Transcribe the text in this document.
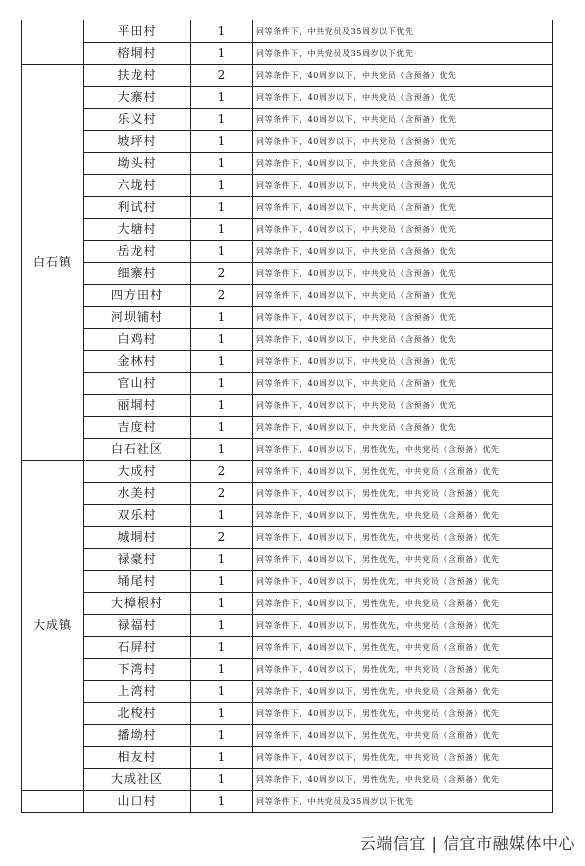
	平田村	1	同等条件下，中共党员及35周岁以下优先
	榕垌村	1	同等条件下，中共党员及35周岁以下优先
白石镇	扶龙村	2	同等条件下，40周岁以下，中共党员（含预备）优先
	大寨村	1	同等条件下，40周岁以下，中共党员（含预备）优先
	乐义村	1	同等条件下，40周岁以下，中共党员（含预备）优先
	坡坪村	1	同等条件下，40周岁以下，中共党员（含预备）优先
	坳头村	1	同等条件下，40周岁以下，中共党员（含预备）优先
	六垅村	1	同等条件下，40周岁以下，中共党员（含预备）优先
	利试村	1	同等条件下，40周岁以下，中共党员（含预备）优先
	大塘村	1	同等条件下，40周岁以下，中共党员（含预备）优先
	岳龙村	1	同等条件下，40周岁以下，中共党员（含预备）优先
	细寨村	2	同等条件下，40周岁以下，中共党员（含预备）优先
	四方田村	2	同等条件下，40周岁以下，中共党员（含预备）优先
	河坝铺村	1	同等条件下，40周岁以下，中共党员（含预备）优先
	白鸡村	1	同等条件下，40周岁以下，中共党员（含预备）优先
	金林村	1	同等条件下，40周岁以下，中共党员（含预备）优先
	官山村	1	同等条件下，40周岁以下，中共党员（含预备）优先
	丽垌村	1	同等条件下，40周岁以下，中共党员（含预备）优先
	吉度村	1	同等条件下，40周岁以下，中共党员（含预备）优先
	白石社区	1	同等条件下，40周岁以下，男性优先，中共党员（含预备）优先
大成镇	大成村	2	同等条件下，40周岁以下，男性优先，中共党员（含预备）优先
	水美村	2	同等条件下，40周岁以下，男性优先，中共党员（含预备）优先
	双乐村	1	同等条件下，40周岁以下，男性优先，中共党员（含预备）优先
	城垌村	2	同等条件下，40周岁以下，男性优先，中共党员（含预备）优先
	禄豪村	1	同等条件下，40周岁以下，男性优先，中共党员（含预备）优先
	埇尾村	1	同等条件下，40周岁以下，男性优先，中共党员（含预备）优先
	大樟根村	1	同等条件下，40周岁以下，男性优先，中共党员（含预备）优先
	禄福村	1	同等条件下，40周岁以下，男性优先，中共党员（含预备）优先
	石屏村	1	同等条件下，40周岁以下，男性优先，中共党员（含预备）优先
	下湾村	1	同等条件下，40周岁以下，男性优先，中共党员（含预备）优先
	上湾村	1	同等条件下，40周岁以下，男性优先，中共党员（含预备）优先
	北梭村	1	同等条件下，40周岁以下，男性优先，中共党员（含预备）优先
	播坳村	1	同等条件下，40周岁以下，男性优先，中共党员（含预备）优先
	相友村	1	同等条件下，40周岁以下，男性优先，中共党员（含预备）优先
	大成社区	1	同等条件下，40周岁以下，男性优先，中共党员（含预备）优先
	山口村	1	同等条件下，中共党员及35周岁以下优先
云端信宜 | 信宜市融媒体中心
